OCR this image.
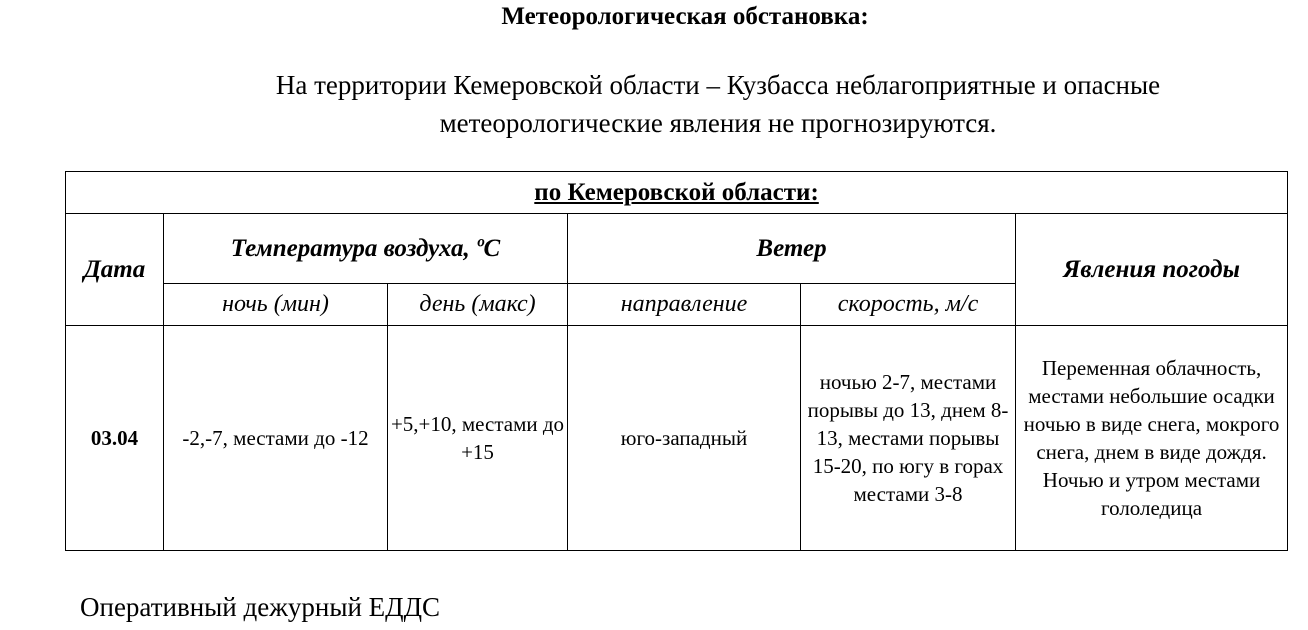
Метеорологическая обстановка:
На территории Кемеровской области – Кузбасса неблагоприятные и опасные
метеорологические явления не прогнозируются.
по Кемеровской области:					
Дата	Температура воздуха, ºС		Ветер		Явления погоды
	ночь (мин)	день (макс)	направление	скорость, м/с	
03.04	-2,-7, местами до -12	+5,+10, местами до +15	юго-западный	ночью 2-7, местами порывы до 13, днем 8-13, местами порывы 15-20, по югу в горах местами 3-8	Переменная облачность, местами небольшие осадки ночью в виде снега, мокрого снега, днем в виде дождя. Ночью и утром местами гололедица
Оперативный дежурный ЕДДС
